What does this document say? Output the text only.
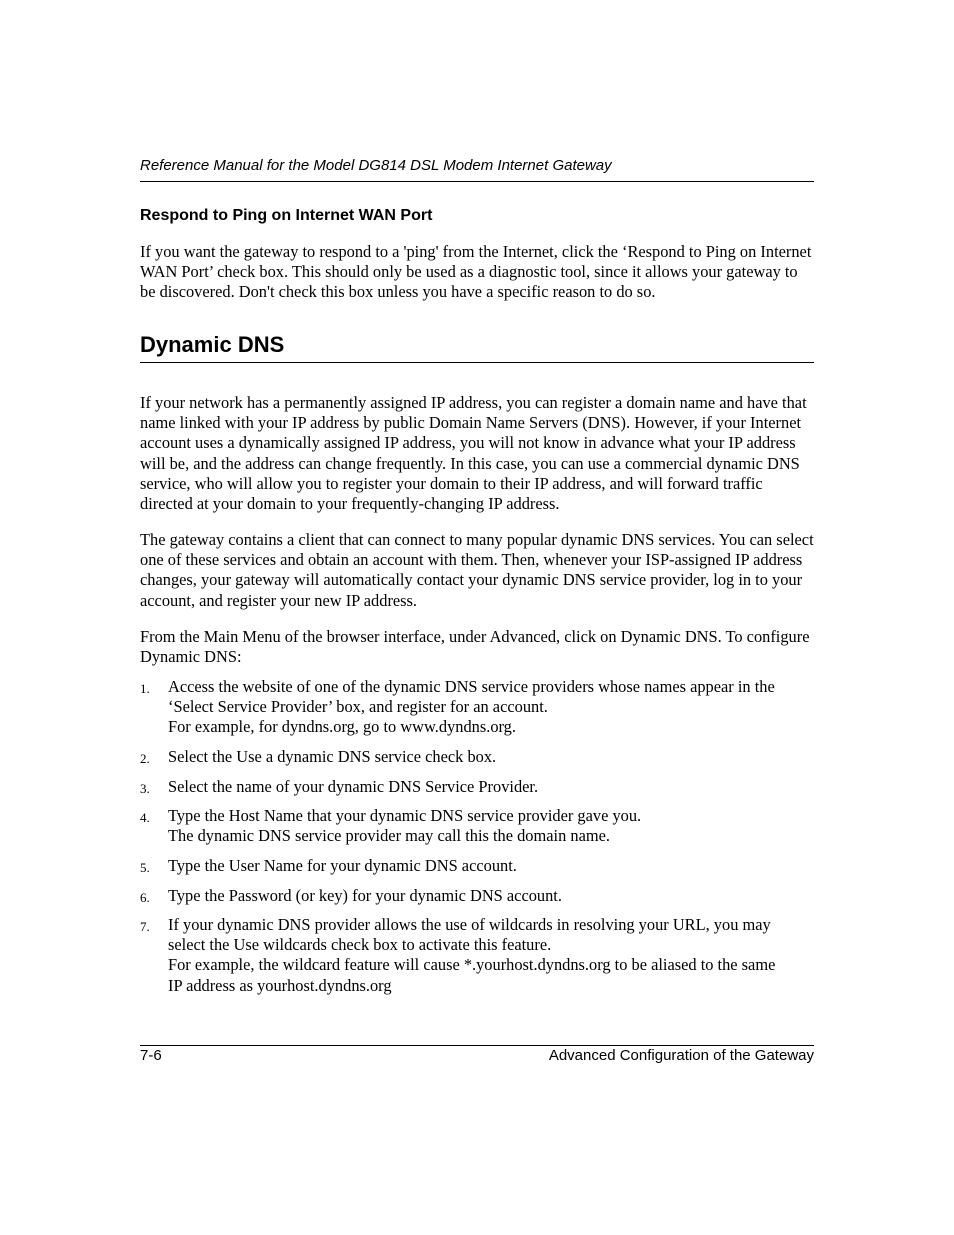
Reference Manual for the Model DG814 DSL Modem Internet Gateway
Respond to Ping on Internet WAN Port

If you want the gateway to respond to a 'ping' from the Internet, click the ‘Respond to Ping on Internet WAN Port’ check box. This should only be used as a diagnostic tool, since it allows your gateway to be discovered. Don't check this box unless you have a specific reason to do so.

Dynamic DNS

If your network has a permanently assigned IP address, you can register a domain name and have that name linked with your IP address by public Domain Name Servers (DNS). However, if your Internet account uses a dynamically assigned IP address, you will not know in advance what your IP address will be, and the address can change frequently. In this case, you can use a commercial dynamic DNS service, who will allow you to register your domain to their IP address, and will forward traffic directed at your domain to your frequently-changing IP address.

The gateway contains a client that can connect to many popular dynamic DNS services. You can select one of these services and obtain an account with them. Then, whenever your ISP-assigned IP address changes, your gateway will automatically contact your dynamic DNS service provider, log in to your account, and register your new IP address.

From the Main Menu of the browser interface, under Advanced, click on Dynamic DNS. To configure Dynamic DNS:

1. Access the website of one of the dynamic DNS service providers whose names appear in the
‘Select Service Provider’ box, and register for an account.
For example, for dyndns.org, go to www.dyndns.org.
2. Select the Use a dynamic DNS service check box.
3. Select the name of your dynamic DNS Service Provider.
4. Type the Host Name that your dynamic DNS service provider gave you.
The dynamic DNS service provider may call this the domain name.
5. Type the User Name for your dynamic DNS account.
6. Type the Password (or key) for your dynamic DNS account.
7. If your dynamic DNS provider allows the use of wildcards in resolving your URL, you may
select the Use wildcards check box to activate this feature.
For example, the wildcard feature will cause *.yourhost.dyndns.org to be aliased to the same
IP address as yourhost.dyndns.org
7-6	Advanced Configuration of the Gateway
